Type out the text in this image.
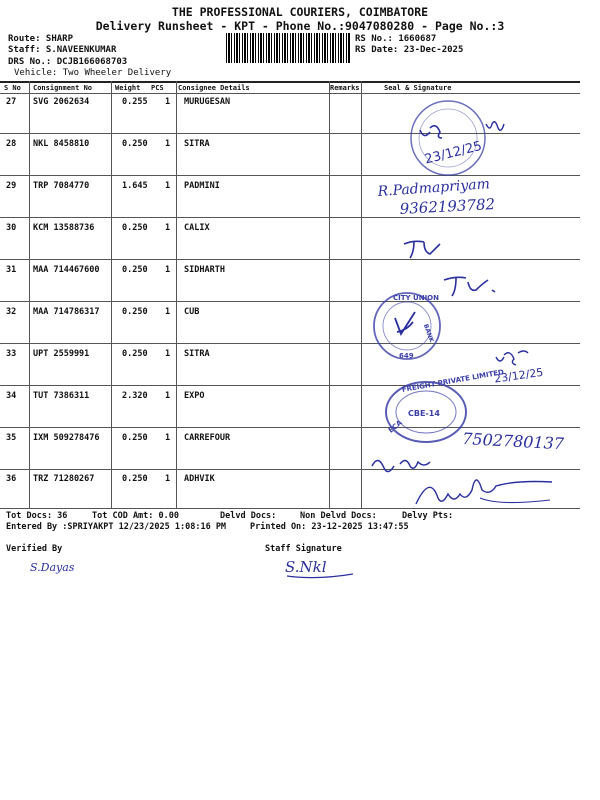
THE PROFESSIONAL COURIERS, COIMBATORE
Delivery Runsheet - KPT - Phone No.:9047080280 - Page No.:3
Route: SHARP
Staff: S.NAVEENKUMAR
DRS No.: DCJB166068703
Vehicle: Two Wheeler Delivery
RS No.: 1660687
RS Date: 23-Dec-2025
S No Consignment No	Weight PCS Consignee Details	Remarks	Seal & Signature
27 SVG 2062634	0.255 1 MURUGESAN
28 NKL 8458810	0.250 1 SITRA
29 TRP 7084770	1.645 1 PADMINI
30 KCM 13588736	0.250 1 CALIX
31 MAA 714467600	0.250 1 SIDHARTH
32 MAA 714786317	0.250 1 CUB
33 UPT 2559991	0.250 1 SITRA
34 TUT 7386311	2.320 1 EXPO
35 IXM 509278476	0.250 1 CARREFOUR
36 TRZ 71280267	0.250 1 ADHVIK
23/12/25
R.Padmapriyam
9362193782
CITY UNION
BANK
649
23/12/25
FREIGHT PRIVATE LIMITED
ECA
CBE-14
7502780137
Tot Docs: 36	Tot COD Amt: 0.00	Delvd Docs:	Non Delvd Docs:	Delvy Pts:
Entered By :SPRIYAKPT 12/23/2025 1:08:16 PM	Printed On: 23-12-2025 13:47:55
Verified By	Staff Signature
S.Dayas	S.Nkl
